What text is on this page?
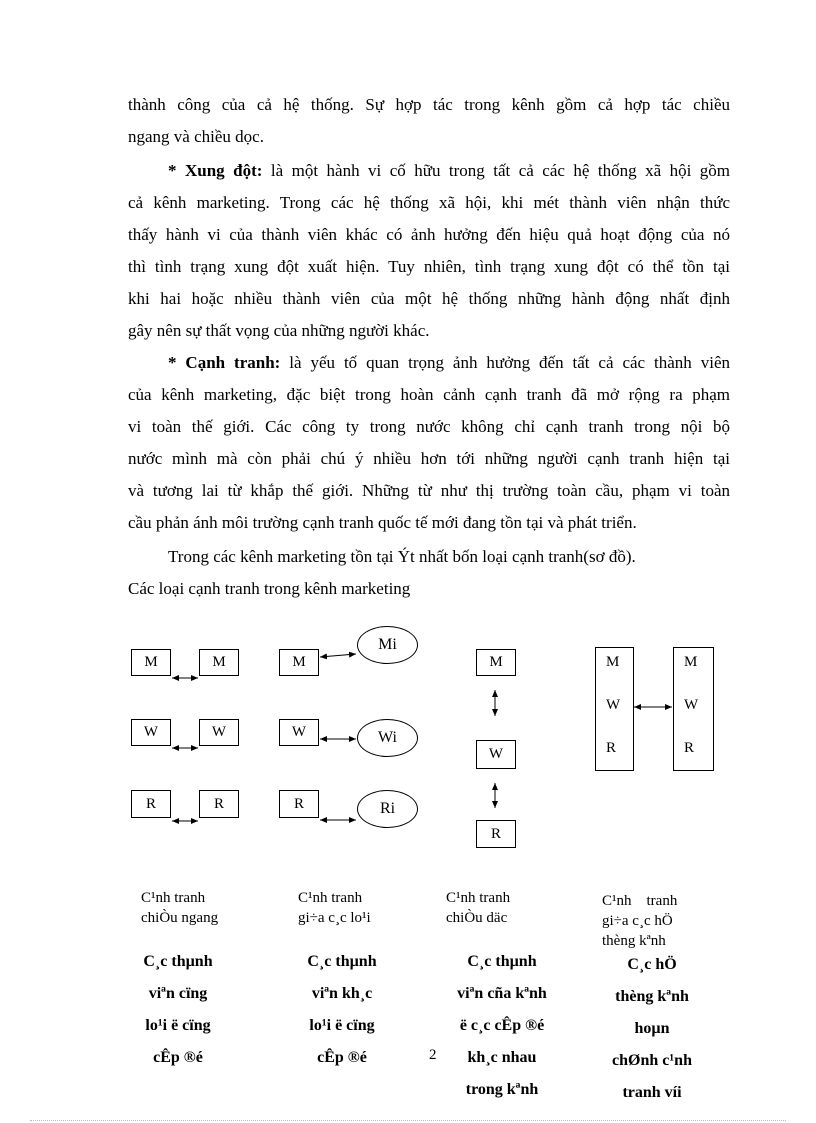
thành công của cả hệ thống. Sự hợp tác trong kênh gồm cả hợp tác chiều
ngang và chiều dọc.
* Xung đột: là một hành vi cố hữu trong tất cả các hệ thống xã hội gồm
cả kênh marketing. Trong các hệ thống xã hội, khi mét thành viên nhận thức
thấy hành vi của thành viên khác có ảnh hưởng đến hiệu quả hoạt động của nó
thì tình trạng xung đột xuất hiện. Tuy nhiên, tình trạng xung đột có thể tồn tại
khi hai hoặc nhiều thành viên của một hệ thống những hành động nhất định
gây nên sự thất vọng của những người khác.
* Cạnh tranh: là yếu tố quan trọng ảnh hưởng đến tất cả các thành viên
của kênh marketing, đặc biệt trong hoàn cảnh cạnh tranh đã mở rộng ra phạm
vi toàn thế giới. Các công ty trong nước không chỉ cạnh tranh trong nội bộ
nước mình mà còn phải chú ý nhiều hơn tới những người cạnh tranh hiện tại
và tương lai từ khắp thế giới. Những từ như thị trường toàn cầu, phạm vi toàn
cầu phản ánh môi trường cạnh tranh quốc tế mới đang tồn tại và phát triển.
Trong các kênh marketing tồn tại Ýt nhất bốn loại cạnh tranh(sơ đồ).
Các loại cạnh tranh trong kênh marketing
M	M
W	W
R	R
M
Mi
W	Wi
R	Ri
M
W
R
M
W
R
M
W
R
C¹nh tranh
chiÒu ngang
C¹nh tranh
gi÷a c¸c lo¹i
C¹nh tranh
chiÒu däc
C¹nh    tranh
gi÷a c¸c hÖ
thèng kªnh
C¸c thµnh
viªn cïng
lo¹i ë cïng
cÊp ®é
C¸c thµnh
viªn kh¸c
lo¹i ë cïng
cÊp ®é
C¸c thµnh
viªn cña kªnh
ë c¸c cÊp ®é
kh¸c nhau
trong kªnh
C¸c hÖ
thèng kªnh
hoµn
chØnh c¹nh
tranh víi
2
